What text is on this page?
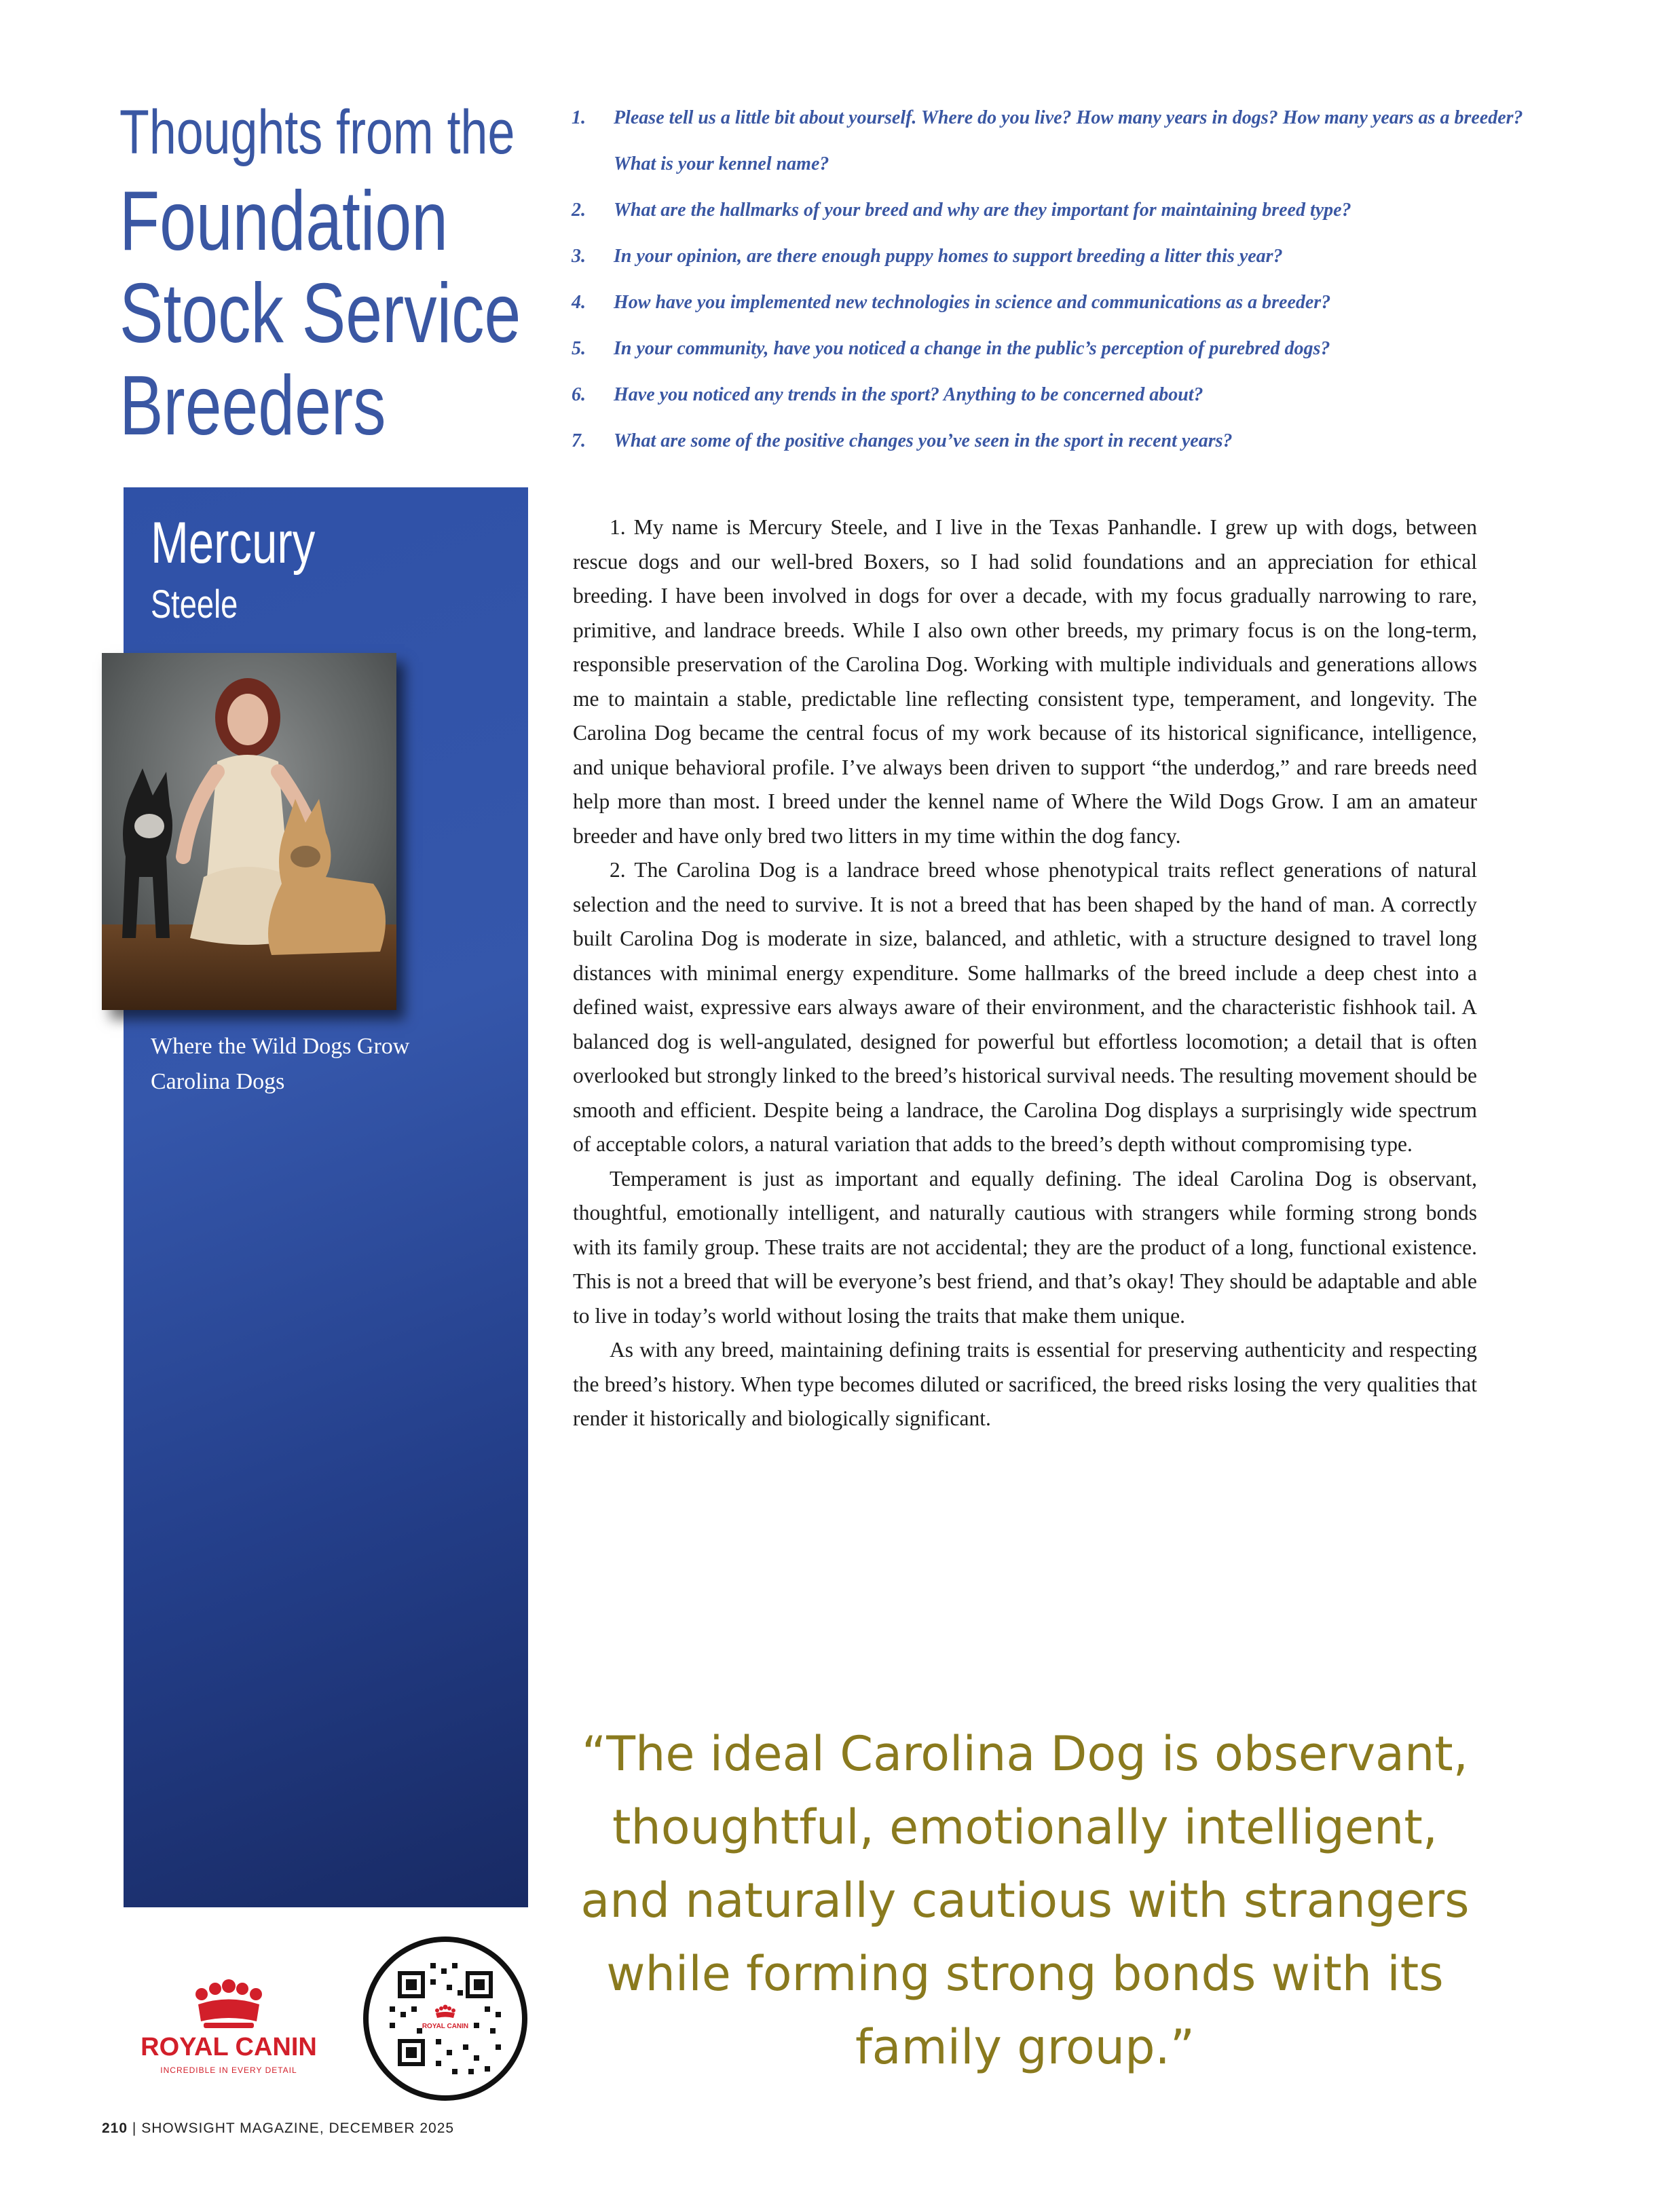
Thoughts from the
Foundation
Stock Service
Breeders
1. Please tell us a little bit about yourself. Where do you live? How many years in dogs? How many years as a breeder? What is your kennel name?
2. What are the hallmarks of your breed and why are they important for maintaining breed type?
3. In your opinion, are there enough puppy homes to support breeding a litter this year?
4. How have you implemented new technologies in science and communications as a breeder?
5. In your community, have you noticed a change in the public’s perception of purebred dogs?
6. Have you noticed any trends in the sport? Anything to be concerned about?
7. What are some of the positive changes you’ve seen in the sport in recent years?
Mercury
Steele
Where the Wild Dogs Grow
Carolina Dogs

1. My name is Mercury Steele, and I live in the Texas Panhandle. I grew up with dogs, between rescue dogs and our well-bred Boxers, so I had solid foundations and an appreciation for ethical breeding. I have been involved in dogs for over a decade, with my focus gradually narrowing to rare, primitive, and landrace breeds. While I also own other breeds, my primary focus is on the long-term, responsible preservation of the Carolina Dog. Working with multiple individuals and generations allows me to maintain a stable, predictable line reflecting consistent type, temperament, and longevity. The Carolina Dog became the central focus of my work because of its historical significance, intelligence, and unique behavioral profile. I’ve always been driven to support “the underdog,” and rare breeds need help more than most. I breed under the kennel name of Where the Wild Dogs Grow. I am an amateur breeder and have only bred two litters in my time within the dog fancy.

2. The Carolina Dog is a landrace breed whose phenotypical traits reflect generations of natural selection and the need to survive. It is not a breed that has been shaped by the hand of man. A correctly built Carolina Dog is moderate in size, balanced, and athletic, with a structure designed to travel long distances with minimal energy expenditure. Some hallmarks of the breed include a deep chest into a defined waist, expressive ears always aware of their environment, and the characteristic fishhook tail. A balanced dog is well-angulated, designed for powerful but effortless locomotion; a detail that is often overlooked but strongly linked to the breed’s historical survival needs. The resulting movement should be smooth and efficient. Despite being a landrace, the Carolina Dog displays a surprisingly wide spectrum of acceptable colors, a natural variation that adds to the breed’s depth without compromising type.

Temperament is just as important and equally defining. The ideal Carolina Dog is observant, thoughtful, emotionally intelligent, and naturally cautious with strangers while forming strong bonds with its family group. These traits are not accidental; they are the product of a long, functional existence. This is not a breed that will be everyone’s best friend, and that’s okay! They should be adaptable and able to live in today’s world without losing the traits that make them unique.

As with any breed, maintaining defining traits is essential for preserving authenticity and respecting the breed’s history. When type becomes diluted or sacrificed, the breed risks losing the very qualities that render it historically and biologically significant.

“The ideal Carolina Dog is observant, thoughtful, emotionally intelligent, and naturally cautious with strangers while forming strong bonds with its family group.”
ROYAL CANIN
INCREDIBLE IN EVERY DETAIL
ROYAL CANIN
210 | SHOWSIGHT MAGAZINE, DECEMBER 2025
